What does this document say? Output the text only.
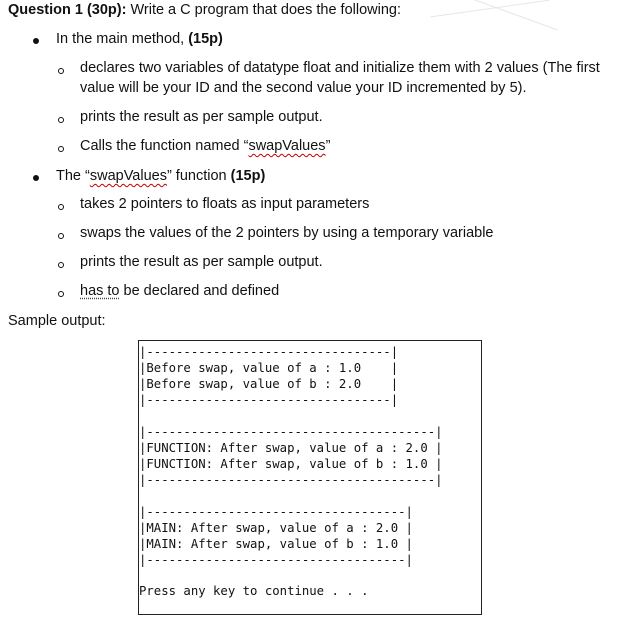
Question 1 (30p): Write a C program that does the following:
In the main method, (15p)
declares two variables of datatype float and initialize them with 2 values (The first
value will be your ID and the second value your ID incremented by 5).
prints the result as per sample output.
Calls the function named “swapValues”
The “swapValues” function (15p)
takes 2 pointers to floats as input parameters
swaps the values of the 2 pointers by using a temporary variable
prints the result as per sample output.
has to be declared and defined
Sample output:
|---------------------------------|
|Before swap, value of a : 1.0    |
|Before swap, value of b : 2.0    |
|---------------------------------|
|---------------------------------------|
|FUNCTION: After swap, value of a : 2.0 |
|FUNCTION: After swap, value of b : 1.0 |
|---------------------------------------|
|-----------------------------------|
|MAIN: After swap, value of a : 2.0 |
|MAIN: After swap, value of b : 1.0 |
|-----------------------------------|
Press any key to continue . . .
